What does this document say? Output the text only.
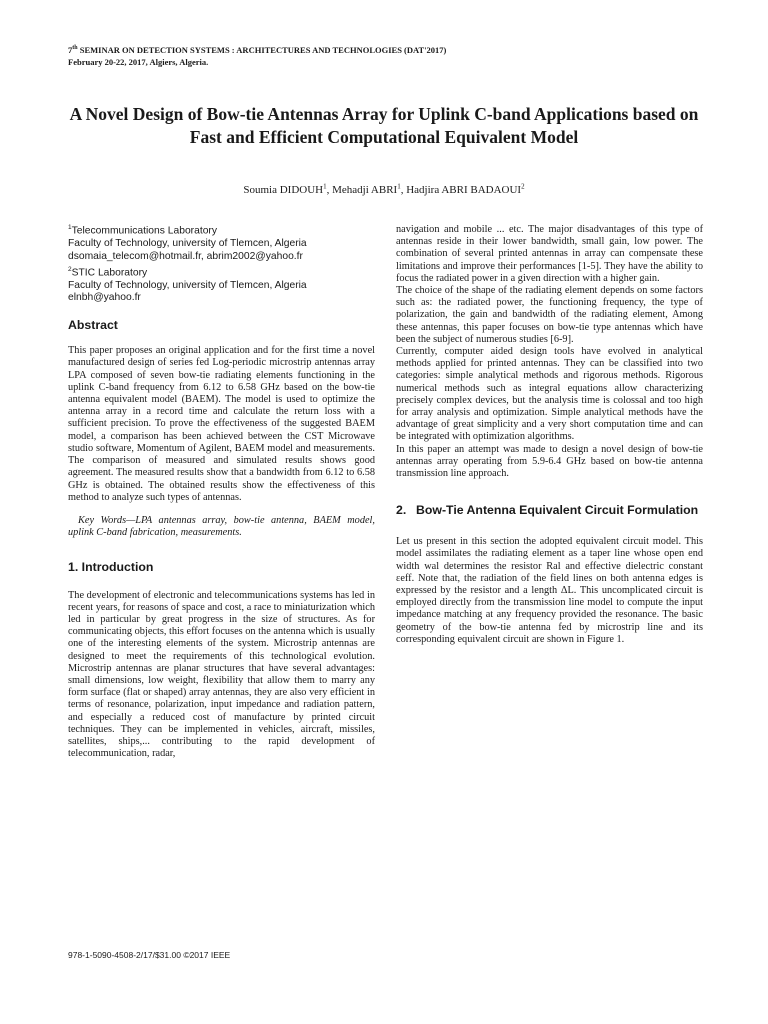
7th SEMINAR ON DETECTION SYSTEMS : ARCHITECTURES AND TECHNOLOGIES (DAT'2017)
February 20-22, 2017, Algiers, Algeria.
A Novel Design of Bow-tie Antennas Array for Uplink C-band Applications based on Fast and Efficient Computational Equivalent Model
Soumia DIDOUH$^1$, Mehadji ABRI$^1$, Hadjira ABRI BADAOUI$^2$

$^1$Telecommunications Laboratory

Faculty of Technology, university of Tlemcen, Algeria

dsomaia_telecom@hotmail.fr, abrim2002@yahoo.fr

$^2$STIC Laboratory

Faculty of Technology, university of Tlemcen, Algeria

elnbh@yahoo.fr

Abstract

This paper proposes an original application and for the first time a novel manufactured design of series fed Log-periodic microstrip antennas array LPA composed of seven bow-tie radiating elements functioning in the uplink C-band frequency from 6.12 to 6.58 GHz based on the bow-tie antenna equivalent model (BAEM). The model is used to optimize the antenna array in a record time and calculate the return loss with a sufficient precision. To prove the effectiveness of the suggested BAEM model, a comparison has been achieved between the CST Microwave studio software, Momentum of Agilent, BAEM model and measurements. The comparison of measured and simulated results shows good agreement. The measured results show that a bandwidth from 6.12 to 6.58 GHz is obtained. The obtained results show the effectiveness of this method to analyze such types of antennas.

Key Words—LPA antennas array, bow-tie antenna, BAEM model, uplink C-band fabrication, measurements.

1. Introduction

The development of electronic and telecommunications systems has led in recent years, for reasons of space and cost, a race to miniaturization which led in particular by great progress in the size of structures. As for communicating objects, this effort focuses on the antenna which is usually one of the interesting elements of the system. Microstrip antennas are designed to meet the requirements of this technological evolution. Microstrip antennas are planar structures that have several advantages: small dimensions, low weight, flexibility that allow them to marry any form surface (flat or shaped) array antennas, they are also very efficient in terms of resonance, polarization, input impedance and radiation pattern, and especially a reduced cost of manufacture by printed circuit techniques. They can be implemented in vehicles, aircraft, missiles, satellites, ships,... contributing to the rapid development of telecommunication, radar,

navigation and mobile ... etc. The major disadvantages of this type of antennas reside in their lower bandwidth, small gain, low power. The combination of several printed antennas in array can compensate these limitations and improve their performances [1-5]. They have the ability to focus the radiated power in a given direction with a higher gain.

The choice of the shape of the radiating element depends on some factors such as: the radiated power, the functioning frequency, the type of polarization, the gain and bandwidth of the radiating element, Among these antennas, this paper focuses on bow-tie type antennas which have been the subject of numerous studies [6-9].

Currently, computer aided design tools have evolved in analytical methods applied for printed antennas. They can be classified into two categories: simple analytical methods and rigorous methods. Rigorous numerical methods such as integral equations allow characterizing precisely complex devices, but the analysis time is colossal and too high for array analysis and optimization. Simple analytical methods have the advantage of great simplicity and a very short computation time and can be integrated with optimization algorithms.

In this paper an attempt was made to design a novel design of bow-tie antennas array operating from 5.9-6.4 GHz based on bow-tie antenna transmission line approach.

2. Bow-Tie Antenna Equivalent Circuit Formulation

Let us present in this section the adopted equivalent circuit model. This model assimilates the radiating element as a taper line whose open end width wal determines the resistor Ral and effective dielectric constant εeff. Note that, the radiation of the field lines on both antenna edges is expressed by the resistor and a length ΔL. This uncomplicated circuit is employed directly from the transmission line model to compute the input impedance matching at any frequency provided the resonance. The basic geometry of the bow-tie antenna fed by microstrip line and its corresponding equivalent circuit are shown in Figure 1.

978-1-5090-4508-2/17/$31.00 ©2017 IEEE
